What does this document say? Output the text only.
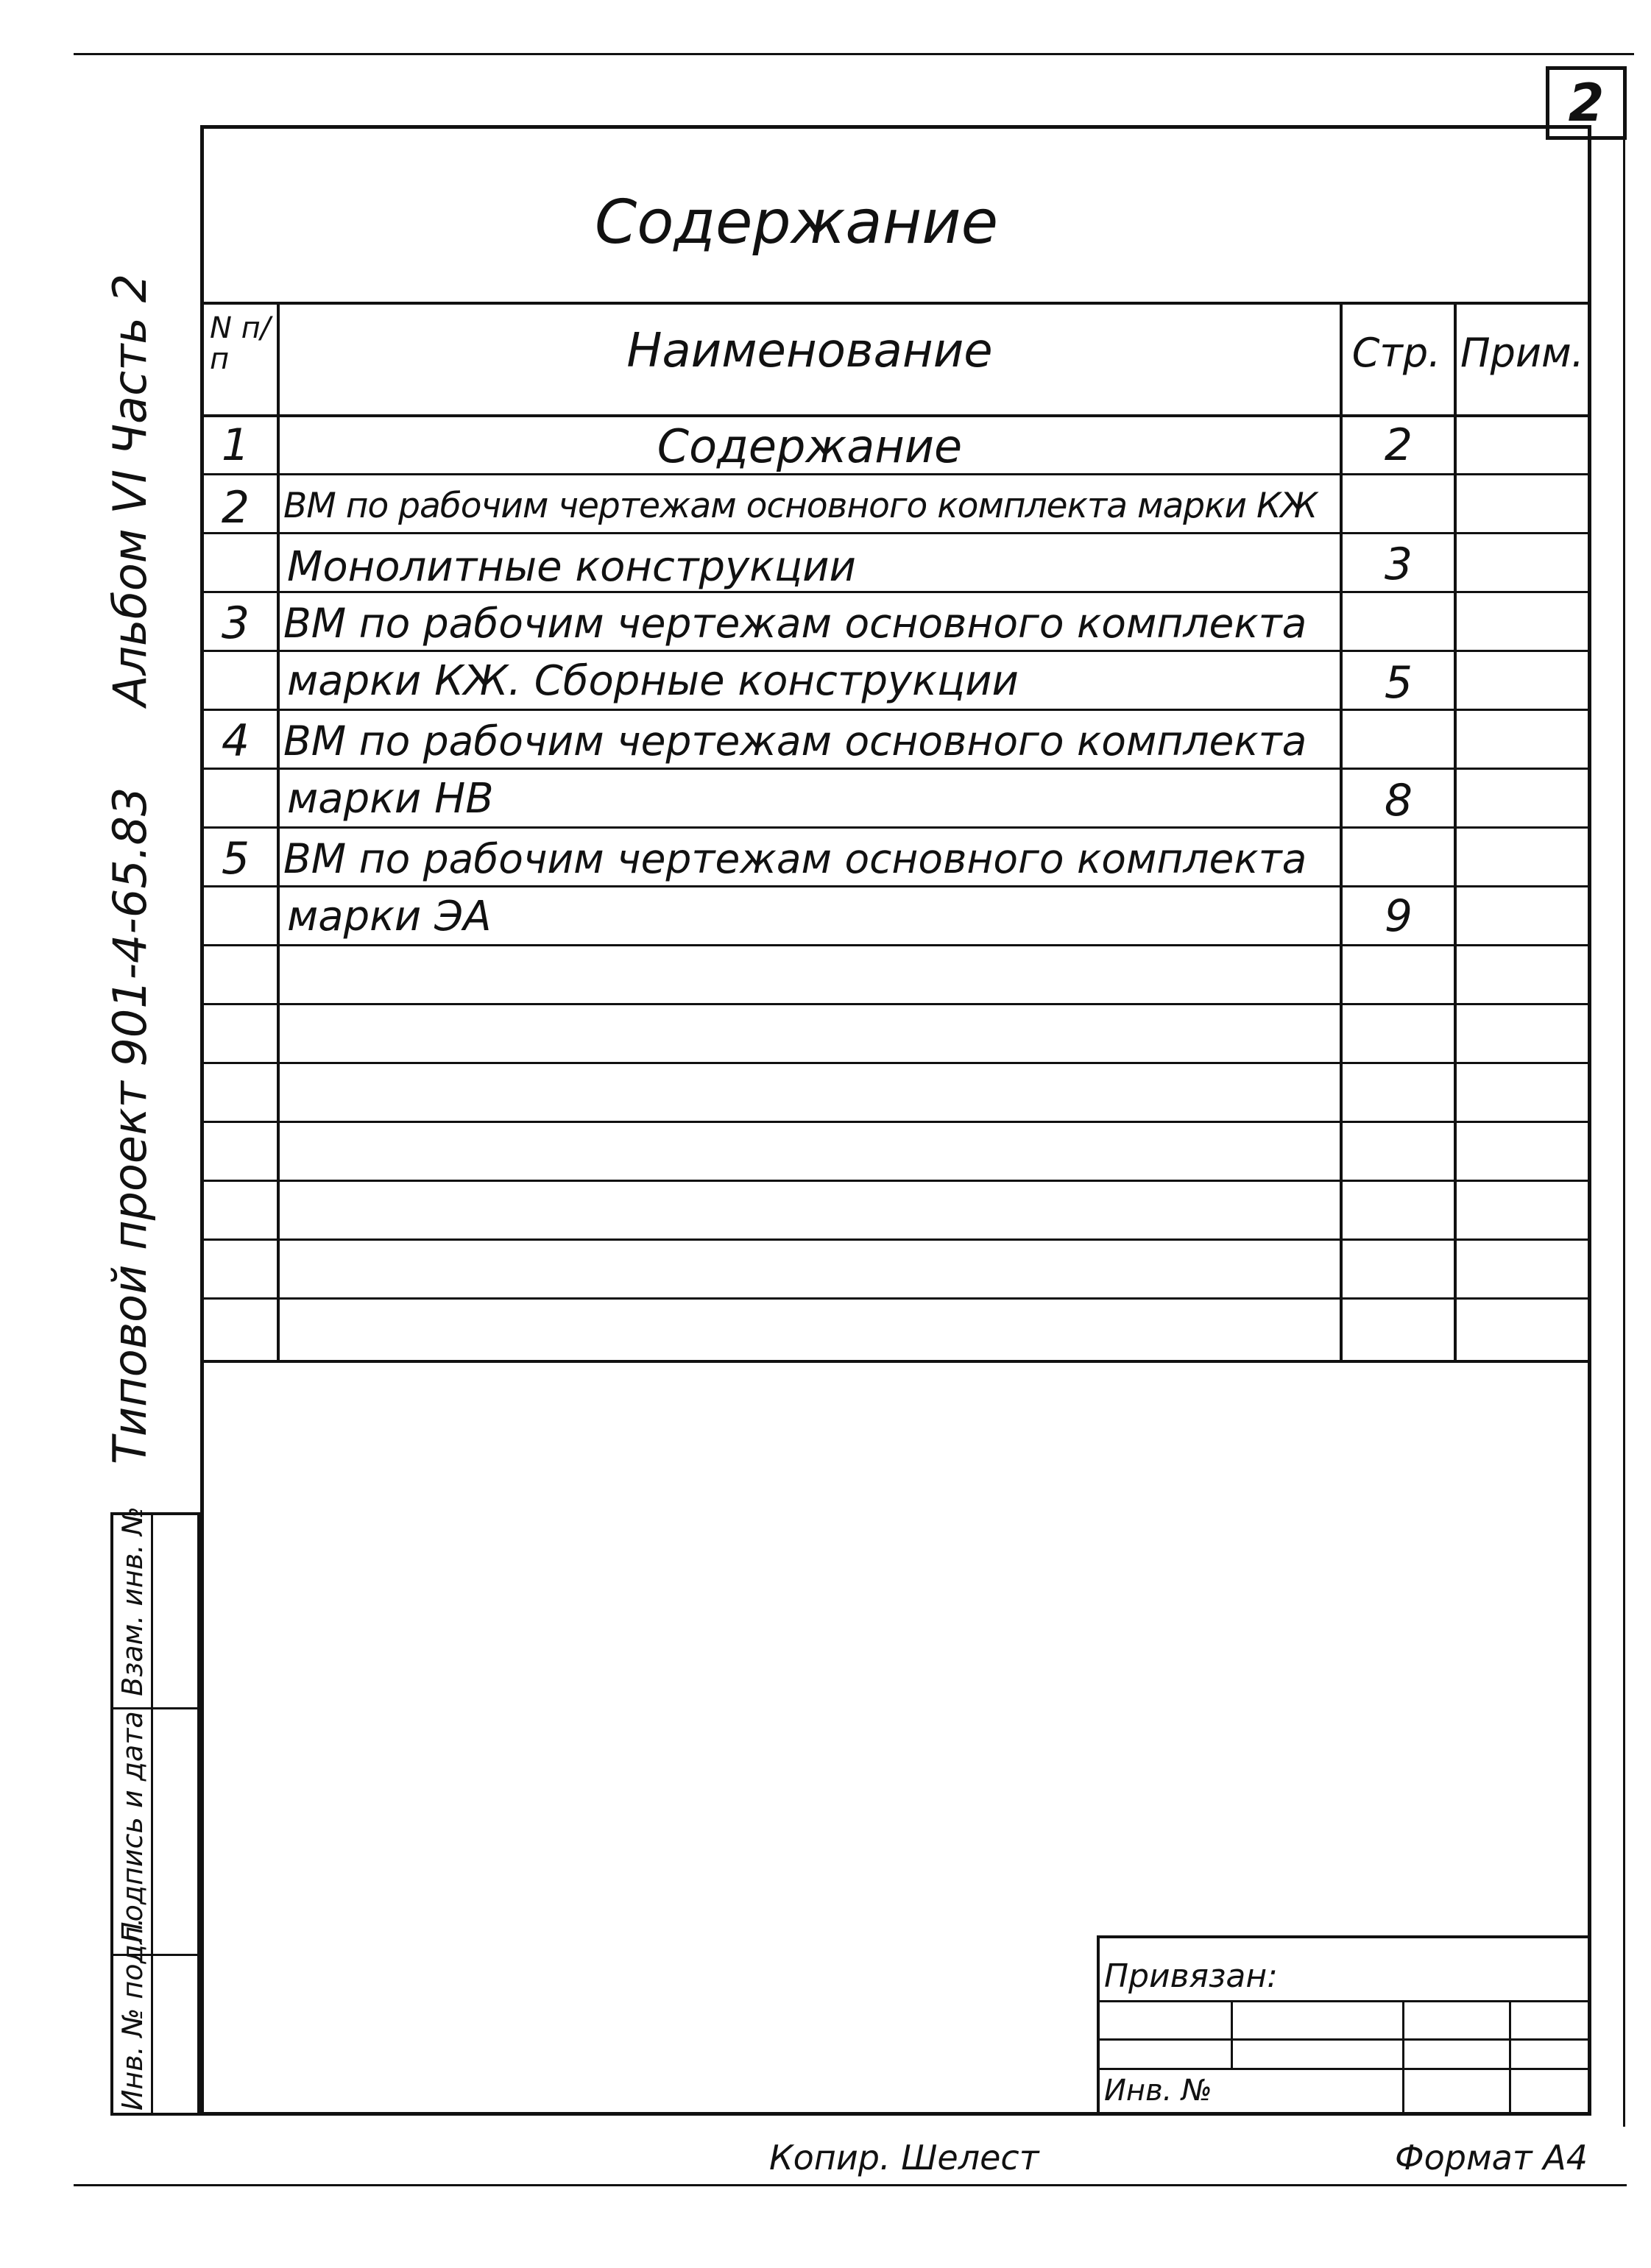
2
Содержание
N п/п	Наименование	Стр. Прим.
1	Содержание	2
2 ВМ по рабочим чертежам основного комплекта марки КЖ
Монолитные конструкции	3
3 ВМ по рабочим чертежам основного комплекта
марки КЖ. Сборные конструкции	5
4 ВМ по рабочим чертежам основного комплекта
марки НВ	8
5 ВМ по рабочим чертежам основного комплекта
марки ЭА	9
Альбом VI Часть 2
Типовой проект 901-4-65.83
Взам. инв. №
Подпись и дата
Инв. № подл.	Привязан:
Инв. №
Копир. Шелест	Формат А4
